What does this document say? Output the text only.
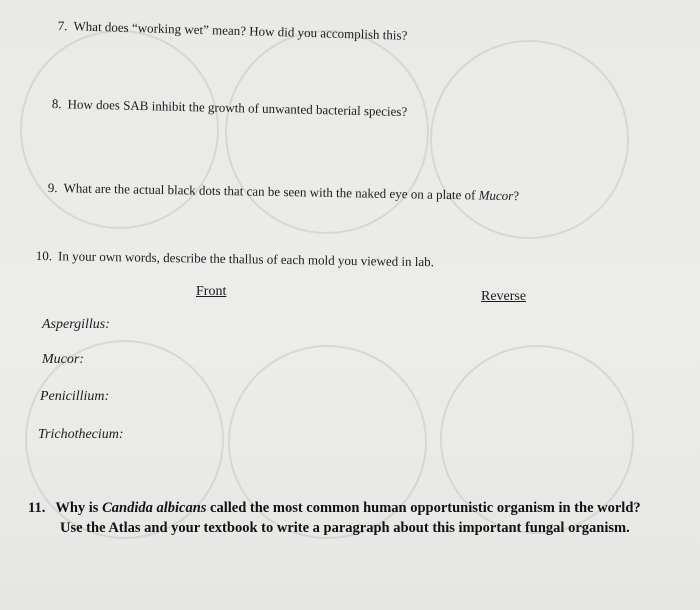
7. What does “working wet” mean? How did you accomplish this?
8. How does SAB inhibit the growth of unwanted bacterial species?
9. What are the actual black dots that can be seen with the naked eye on a plate of Mucor?
10. In your own words, describe the thallus of each mold you viewed in lab.
Front	Reverse
Aspergillus:
Mucor:
Penicillium:
Trichothecium:
11. Why is Candida albicans called the most common human opportunistic organism in the world?
Use the Atlas and your textbook to write a paragraph about this important fungal organism.
